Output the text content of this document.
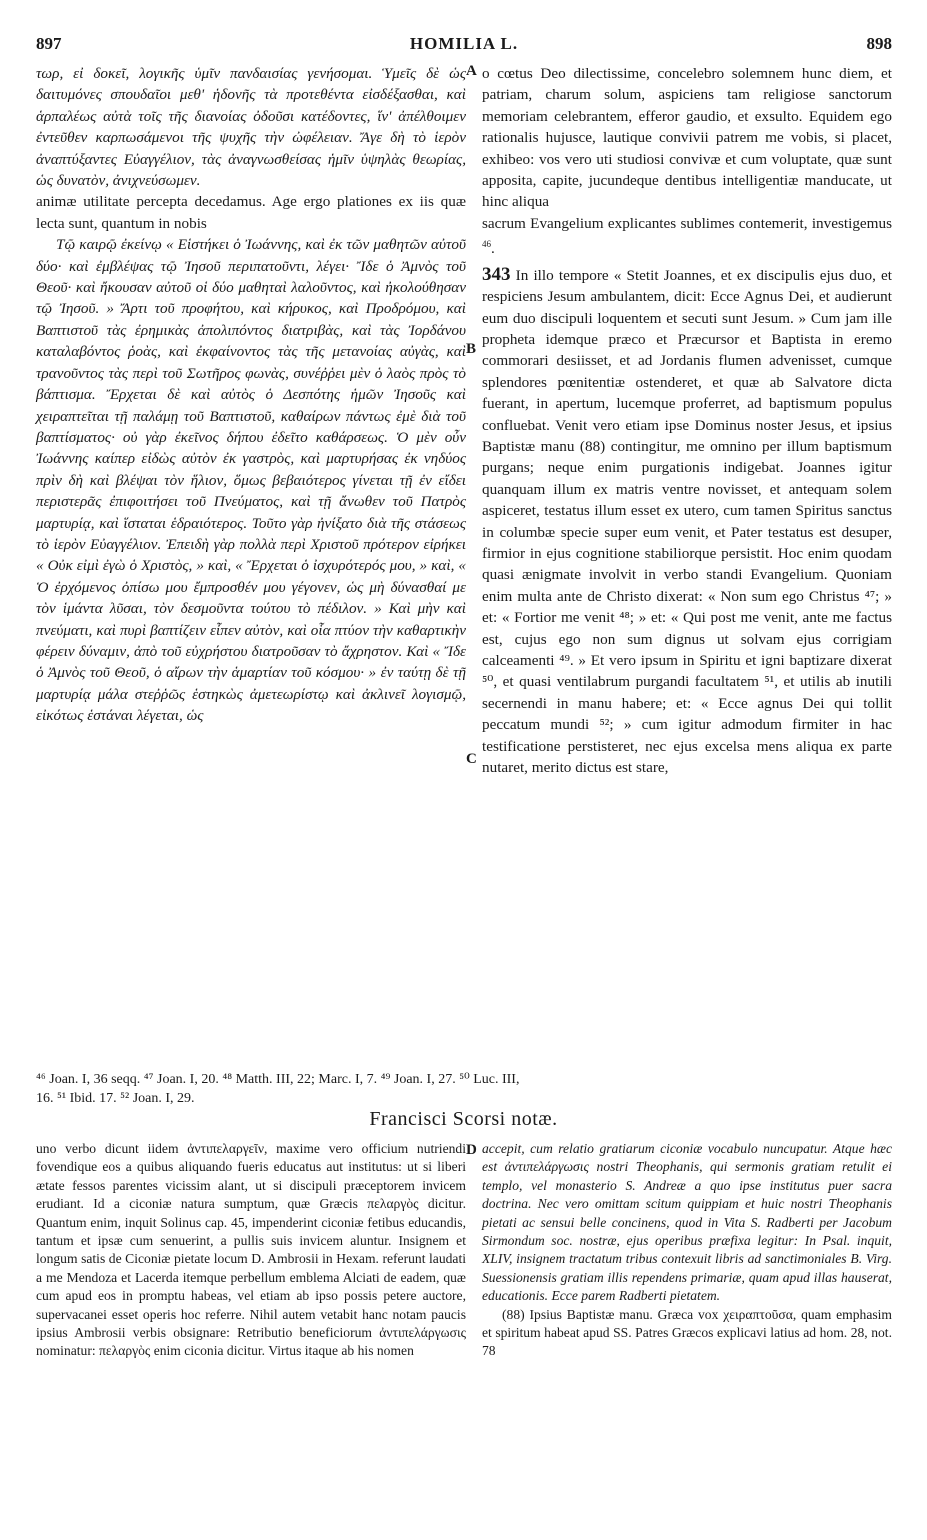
897	HOMILIA L.	898

τωρ, εἰ δοκεῖ, λογικῆς ὑμῖν πανδαισίας γενήσομαι. Ὑμεῖς δὲ ὡς δαιτυμόνες σπουδαῖοι μεθ' ἡδονῆς τὰ προτεθέντα εἰσδέξασθαι, καὶ ἁρπαλέως αὐτὰ τοῖς τῆς διανοίας ὀδοῦσι κατέδοντες, ἵν' ἀπέλθοιμεν ἐντεῦθεν καρπωσάμενοι τῆς ψυχῆς τὴν ὠφέλειαν. Ἄγε δὴ τὸ ἱερὸν ἀναπτύξαντες Εὐαγγέλιον, τὰς ἀναγνωσθείσας ἡμῖν ὑψηλὰς θεωρίας, ὡς δυνατὸν, ἀνιχνεύσωμεν.

animæ utilitate percepta decedamus. Age ergo plationes ex iis quæ lecta sunt, quantum in nobis

Τῷ καιρῷ ἐκείνῳ « Εἱστήκει ὁ Ἰωάννης, καὶ ἐκ τῶν μαθητῶν αὐτοῦ δύο· καὶ ἐμβλέψας τῷ Ἰησοῦ περιπατοῦντι, λέγει· Ἴδε ὁ Ἀμνὸς τοῦ Θεοῦ· καὶ ἤκουσαν αὐτοῦ οἱ δύο μαθηταὶ λαλοῦντος, καὶ ἠκολούθησαν τῷ Ἰησοῦ. » Ἄρτι τοῦ προφήτου, καὶ κήρυκος, καὶ Προδρόμου, καὶ Βαπτιστοῦ τὰς ἐρημικὰς ἀπολιπόντος διατριβὰς, καὶ τὰς Ἰορδάνου καταλαβόντος ῥοὰς, καὶ ἐκφαίνοντος τὰς τῆς μετανοίας αὐγὰς, καὶ τρανοῦντος τὰς περὶ τοῦ Σωτῆρος φωνὰς, συνέῤῥει μὲν ὁ λαὸς πρὸς τὸ βάπτισμα. Ἔρχεται δὲ καὶ αὐτὸς ὁ Δεσπότης ἡμῶν Ἰησοῦς καὶ χειραπτεῖται τῇ παλάμῃ τοῦ Βαπτιστοῦ, καθαίρων πάντως ἐμὲ διὰ τοῦ βαπτίσματος· οὐ γὰρ ἐκεῖνος δήπου ἐδεῖτο καθάρσεως. Ὁ μὲν οὖν Ἰωάννης καίπερ εἰδὼς αὐτὸν ἐκ γαστρὸς, καὶ μαρτυρήσας ἐκ νηδύος πρὶν δὴ καὶ βλέψαι τὸν ἥλιον, ὅμως βεβαιότερος γίνεται τῇ ἐν εἴδει περιστερᾶς ἐπιφοιτήσει τοῦ Πνεύματος, καὶ τῇ ἄνωθεν τοῦ Πατρὸς μαρτυρίᾳ, καὶ ἵσταται ἑδραιότερος. Τοῦτο γὰρ ἠνίξατο διὰ τῆς στάσεως τὸ ἱερὸν Εὐαγγέλιον. Ἐπειδὴ γὰρ πολλὰ περὶ Χριστοῦ πρότερον εἰρήκει « Οὐκ εἰμὶ ἐγὼ ὁ Χριστὸς, » καὶ, « Ἔρχεται ὁ ἰσχυρότερός μου, » καὶ, « Ὁ ἐρχόμενος ὀπίσω μου ἔμπροσθέν μου γέγονεν, ὡς μὴ δύνασθαί με τὸν ἱμάντα λῦσαι, τὸν δεσμοῦντα τούτου τὸ πέδιλον. » Καὶ μὴν καὶ πνεύματι, καὶ πυρὶ βαπτίζειν εἶπεν αὐτὸν, καὶ οἷα πτύον τὴν καθαρτικὴν φέρειν δύναμιν, ἀπὸ τοῦ εὐχρήστου διατροῦσαν τὸ ἄχρηστον. Καὶ « Ἴδε ὁ Ἀμνὸς τοῦ Θεοῦ, ὁ αἴρων τὴν ἁμαρτίαν τοῦ κόσμου· » ἐν ταύτῃ δὲ τῇ μαρτυρίᾳ μάλα στεῤῥῶς ἑστηκὼς ἀμετεωρίστῳ καὶ ἀκλινεῖ λογισμῷ, εἰκότως ἑστάναι λέγεται, ὡς

A
B
C

o cœtus Deo dilectissime, concelebro solemnem hunc diem, et patriam, charum solum, aspiciens tam religiose sanctorum memoriam celebrantem, efferor gaudio, et exsulto. Equidem ego rationalis hujusce, lautique convivii patrem me vobis, si placet, exhibeo: vos vero uti studiosi convivæ et cum voluptate, quæ sunt apposita, capite, jucundeque dentibus intelligentiæ manducate, ut hinc aliqua

sacrum Evangelium explicantes sublimes contemerit, investigemus $^{46}$.

343 In illo tempore « Stetit Joannes, et ex discipulis ejus duo, et respiciens Jesum ambulantem, dicit: Ecce Agnus Dei, et audierunt eum duo discipuli loquentem et secuti sunt Jesum. » Cum jam ille propheta idemque præco et Præcursor et Baptista in eremo commorari desiisset, et ad Jordanis flumen advenisset, cumque splendores pœnitentiæ ostenderet, et quæ ab Salvatore dicta fuerant, in apertum, lucemque proferret, ad baptismum populus confluebat. Venit vero etiam ipse Dominus noster Jesus, et ipsius Baptistæ manu (88) contingitur, me omnino per illum baptismum purgans; neque enim purgationis indigebat. Joannes igitur quanquam illum ex matris ventre novisset, et antequam solem aspiceret, testatus illum esset ex utero, cum tamen Spiritus sanctus in columbæ specie super eum venit, et Pater testatus est desuper, firmior in ejus cognitione stabiliorque persistit. Hoc enim quodam quasi ænigmate involvit in verbo standi Evangelium. Quoniam enim multa ante de Christo dixerat: « Non sum ego Christus ⁴⁷; » et: « Fortior me venit ⁴⁸; » et: « Qui post me venit, ante me factus est, cujus ego non sum dignus ut solvam ejus corrigiam calceamenti ⁴⁹. » Et vero ipsum in Spiritu et igni baptizare dixerat ⁵⁰, et quasi ventilabrum purgandi facultatem ⁵¹, et utilis ab inutili secernendi in manu habere; et: « Ecce agnus Dei qui tollit peccatum mundi ⁵²; » cum igitur admodum firmiter in hac testificatione perstisteret, nec ejus excelsa mens aliqua ex parte nutaret, merito dictus est stare,

⁴⁶ Joan. I, 36 seqq. ⁴⁷ Joan. I, 20. ⁴⁸ Matth. III, 22; Marc. I, 7. ⁴⁹ Joan. I, 27. ⁵⁰ Luc. III,

16. ⁵¹ Ibid. 17. ⁵² Joan. I, 29.

Francisci Scorsi notæ.

uno verbo dicunt iidem ἀντιπελαργεῖν, maxime vero officium nutriendi fovendique eos a quibus aliquando fueris educatus aut institutus: ut si liberi ætate fessos parentes vicissim alant, ut si discipuli præceptorem invicem erudiant. Id a ciconiæ natura sumptum, quæ Græcis πελαργὸς dicitur. Quantum enim, inquit Solinus cap. 45, impenderint ciconiæ fetibus educandis, tantum et ipsæ cum senuerint, a pullis suis invicem aluntur. Insignem et longum satis de Ciconiæ pietate locum D. Ambrosii in Hexam. referunt laudati a me Mendoza et Lacerda itemque perbellum emblema Alciati de eadem, quæ cum apud eos in promptu habeas, vel etiam ab ipso possis petere auctore, supervacanei esset operis hoc referre. Nihil autem vetabit hanc notam paucis ipsius Ambrosii verbis obsignare: Retributio beneficiorum ἀντιπελάργωσις nominatur: πελαργὸς enim ciconia dicitur. Virtus itaque ab his nomen

D accepit, cum relatio gratiarum ciconiæ vocabulo nuncupatur. Atque hæc est ἀντιπελάργωσις nostri Theophanis, qui sermonis gratiam retulit ei templo, vel monasterio S. Andreæ a quo ipse institutus puer sacra doctrina. Nec vero omittam scitum quippiam et huic nostri Theophanis pietati ac sensui belle concinens, quod in Vita S. Radberti per Jacobum Sirmondum soc. nostræ, ejus operibus præfixa legitur: In Psal. inquit, XLIV, insignem tractatum tribus contexuit libris ad sanctimoniales B. Virg. Suessionensis gratiam illis rependens primariæ, quam apud illas hauserat, educationis. Ecce parem Radberti pietatem.

(88) Ipsius Baptistæ manu. Græca vox χειραπτοῦσα, quam emphasim et spiritum habeat apud SS. Patres Græcos explicavi latius ad hom. 28, not. 78
